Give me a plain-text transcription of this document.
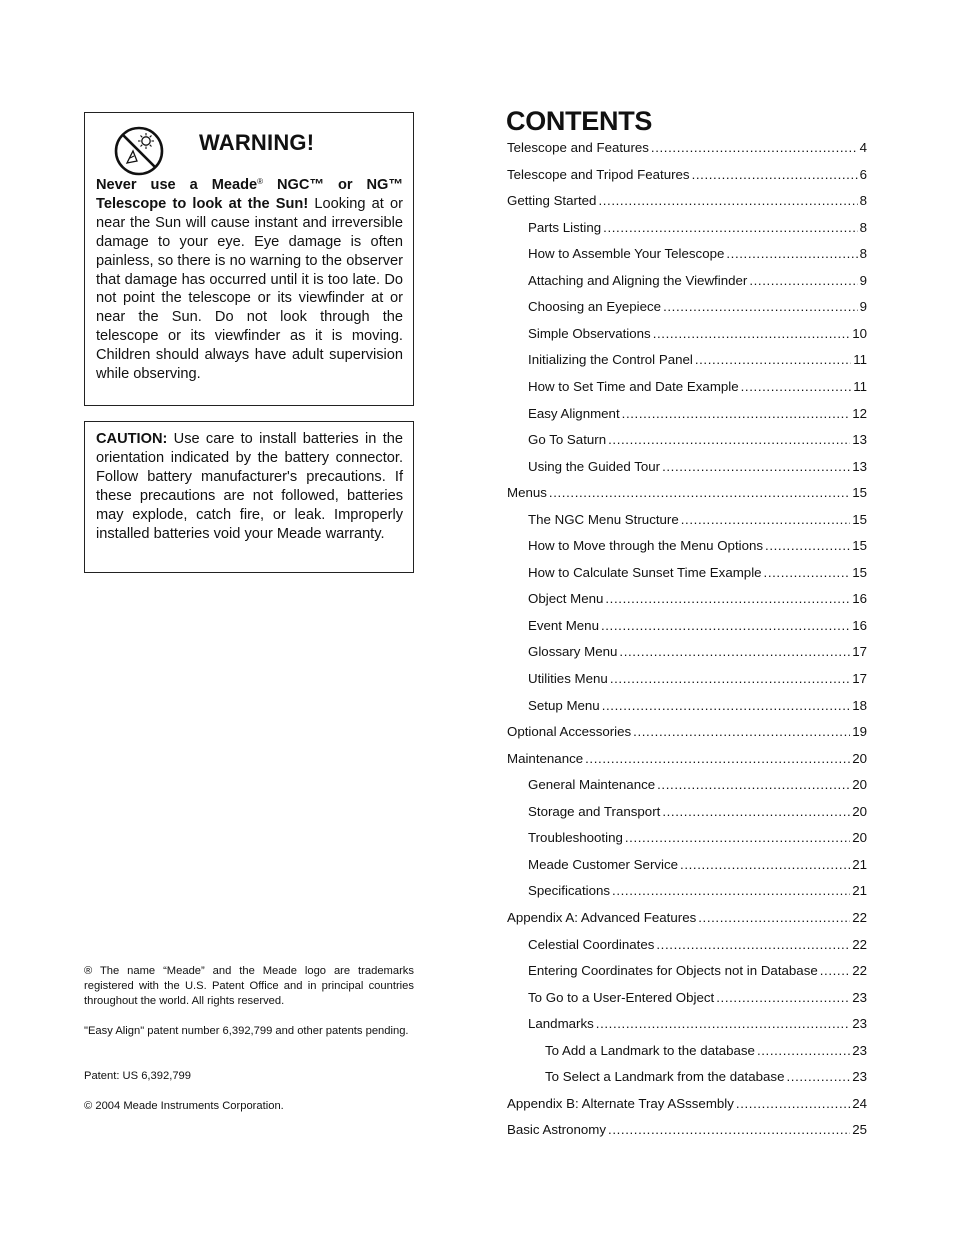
WARNING!
Never use a Meade® NGC™ or NG™ Telescope to look at the Sun! Looking at or near the Sun will cause instant and irreversible damage to your eye. Eye damage is often painless, so there is no warning to the observer that damage has occurred until it is too late. Do not point the telescope or its viewfinder at or near the Sun. Do not look through the telescope or its viewfinder as it is moving. Children should always have adult supervision while observing.
CAUTION: Use care to install batteries in the orientation indicated by the battery connector. Follow battery manufacturer's precautions. If these precautions are not followed, batteries may explode, catch fire, or leak. Improperly installed batteries void your Meade warranty.
® The name “Meade” and the Meade logo are trademarks registered with the U.S. Patent Office and in principal countries throughout the world. All rights reserved.
"Easy Align" patent number 6,392,799 and other patents pending.
Patent: US 6,392,799
© 2004 Meade Instruments Corporation.
CONTENTS
Telescope and Features .....	4
Telescope and Tripod Features .....	6
Getting Started .....	8
Parts Listing .....	8
How to Assemble Your Telescope .....	8
Attaching and Aligning the Viewfinder .....	9
Choosing an Eyepiece .....	9
Simple Observations .....	10
Initializing the Control Panel .....	11
How to Set Time and Date Example .....	11
Easy Alignment .....	12
Go To Saturn .....	13
Using the Guided Tour .....	13
Menus .....	15
The NGC Menu Structure .....	15
How to Move through the Menu Options .....	15
How to Calculate Sunset Time Example .....	15
Object Menu .....	16
Event Menu .....	16
Glossary Menu .....	17
Utilities Menu .....	17
Setup Menu .....	18
Optional Accessories .....	19
Maintenance .....	20
General Maintenance .....	20
Storage and Transport .....	20
Troubleshooting .....	20
Meade Customer Service .....	21
Specifications .....	21
Appendix A: Advanced Features .....	22
Celestial Coordinates .....	22
Entering Coordinates for Objects not in Database .....	22
To Go to a User-Entered Object .....	23
Landmarks .....	23
To Add a Landmark to the database .....	23
To Select a Landmark from the database .....	23
Appendix B: Alternate Tray ASssembly .....	24
Basic Astronomy .....	25
